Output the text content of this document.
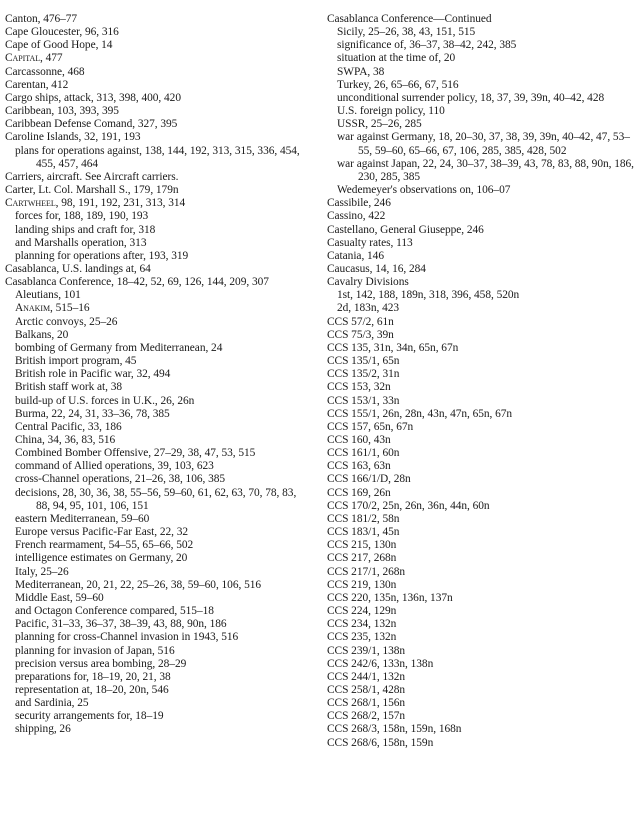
Canton, 476–77
Cape Gloucester, 96, 316
Cape of Good Hope, 14
Capital, 477
Carcassonne, 468
Carentan, 412
Cargo ships, attack, 313, 398, 400, 420
Caribbean, 103, 393, 395
Caribbean Defense Comand, 327, 395
Caroline Islands, 32, 191, 193
plans for operations against, 138, 144, 192, 313, 315, 336, 454, 455, 457, 464
Carriers, aircraft. See Aircraft carriers.
Carter, Lt. Col. Marshall S., 179, 179n
Cartwheel, 98, 191, 192, 231, 313, 314
forces for, 188, 189, 190, 193
landing ships and craft for, 318
and Marshalls operation, 313
planning for operations after, 193, 319
Casablanca, U.S. landings at, 64
Casablanca Conference, 18–42, 52, 69, 126, 144, 209, 307
Aleutians, 101
Anakim, 515–16
Arctic convoys, 25–26
Balkans, 20
bombing of Germany from Mediterranean, 24
British import program, 45
British role in Pacific war, 32, 494
British staff work at, 38
build-up of U.S. forces in U.K., 26, 26n
Burma, 22, 24, 31, 33–36, 78, 385
Central Pacific, 33, 186
China, 34, 36, 83, 516
Combined Bomber Offensive, 27–29, 38, 47, 53, 515
command of Allied operations, 39, 103, 623
cross-Channel operations, 21–26, 38, 106, 385
decisions, 28, 30, 36, 38, 55–56, 59–60, 61, 62, 63, 70, 78, 83, 88, 94, 95, 101, 106, 151
eastern Mediterranean, 59–60
Europe versus Pacific-Far East, 22, 32
French rearmament, 54–55, 65–66, 502
intelligence estimates on Germany, 20
Italy, 25–26
Mediterranean, 20, 21, 22, 25–26, 38, 59–60, 106, 516
Middle East, 59–60
and Octagon Conference compared, 515–18
Pacific, 31–33, 36–37, 38–39, 43, 88, 90n, 186
planning for cross-Channel invasion in 1943, 516
planning for invasion of Japan, 516
precision versus area bombing, 28–29
preparations for, 18–19, 20, 21, 38
representation at, 18–20, 20n, 546
and Sardinia, 25
security arrangements for, 18–19
shipping, 26
Casablanca Conference—Continued
Sicily, 25–26, 38, 43, 151, 515
significance of, 36–37, 38–42, 242, 385
situation at the time of, 20
SWPA, 38
Turkey, 26, 65–66, 67, 516
unconditional surrender policy, 18, 37, 39, 39n, 40–42, 428
U.S. foreign policy, 110
USSR, 25–26, 285
war against Germany, 18, 20–30, 37, 38, 39, 39n, 40–42, 47, 53–55, 59–60, 65–66, 67, 106, 285, 385, 428, 502
war against Japan, 22, 24, 30–37, 38–39, 43, 78, 83, 88, 90n, 186, 230, 285, 385
Wedemeyer's observations on, 106–07
Cassibile, 246
Cassino, 422
Castellano, General Giuseppe, 246
Casualty rates, 113
Catania, 146
Caucasus, 14, 16, 284
Cavalry Divisions
1st, 142, 188, 189n, 318, 396, 458, 520n
2d, 183n, 423
CCS 57/2, 61n
CCS 75/3, 39n
CCS 135, 31n, 34n, 65n, 67n
CCS 135/1, 65n
CCS 135/2, 31n
CCS 153, 32n
CCS 153/1, 33n
CCS 155/1, 26n, 28n, 43n, 47n, 65n, 67n
CCS 157, 65n, 67n
CCS 160, 43n
CCS 161/1, 60n
CCS 163, 63n
CCS 166/1/D, 28n
CCS 169, 26n
CCS 170/2, 25n, 26n, 36n, 44n, 60n
CCS 181/2, 58n
CCS 183/1, 45n
CCS 215, 130n
CCS 217, 268n
CCS 217/1, 268n
CCS 219, 130n
CCS 220, 135n, 136n, 137n
CCS 224, 129n
CCS 234, 132n
CCS 235, 132n
CCS 239/1, 138n
CCS 242/6, 133n, 138n
CCS 244/1, 132n
CCS 258/1, 428n
CCS 268/1, 156n
CCS 268/2, 157n
CCS 268/3, 158n, 159n, 168n
CCS 268/6, 158n, 159n
